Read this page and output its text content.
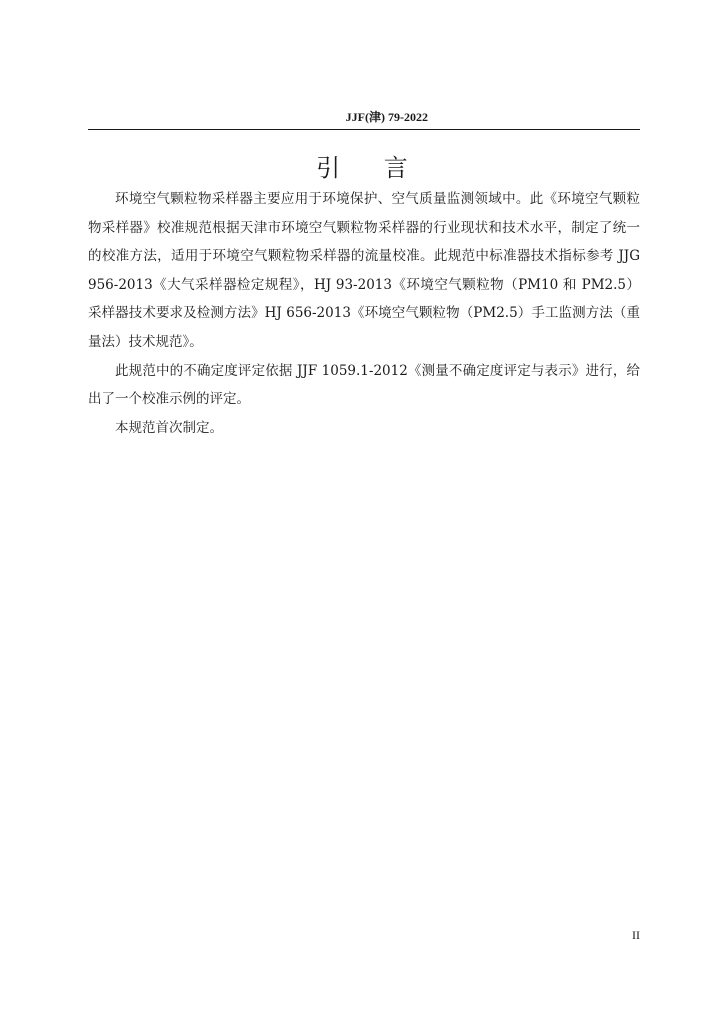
JJF(津) 79-2022
引 言

环境空气颗粒物采样器主要应用于环境保护、空气质量监测领域中。此《环境空气颗粒物采样器》校准规范根据天津市环境空气颗粒物采样器的行业现状和技术水平，制定了统一的校准方法，适用于环境空气颗粒物采样器的流量校准。此规范中标准器技术指标参考 JJG 956-2013《大气采样器检定规程》，HJ 93-2013《环境空气颗粒物（PM10 和 PM2.5）采样器技术要求及检测方法》HJ 656-2013《环境空气颗粒物（PM2.5）手工监测方法（重量法）技术规范》。

此规范中的不确定度评定依据 JJF 1059.1-2012《测量不确定度评定与表示》进行，给出了一个校准示例的评定。

本规范首次制定。

II
